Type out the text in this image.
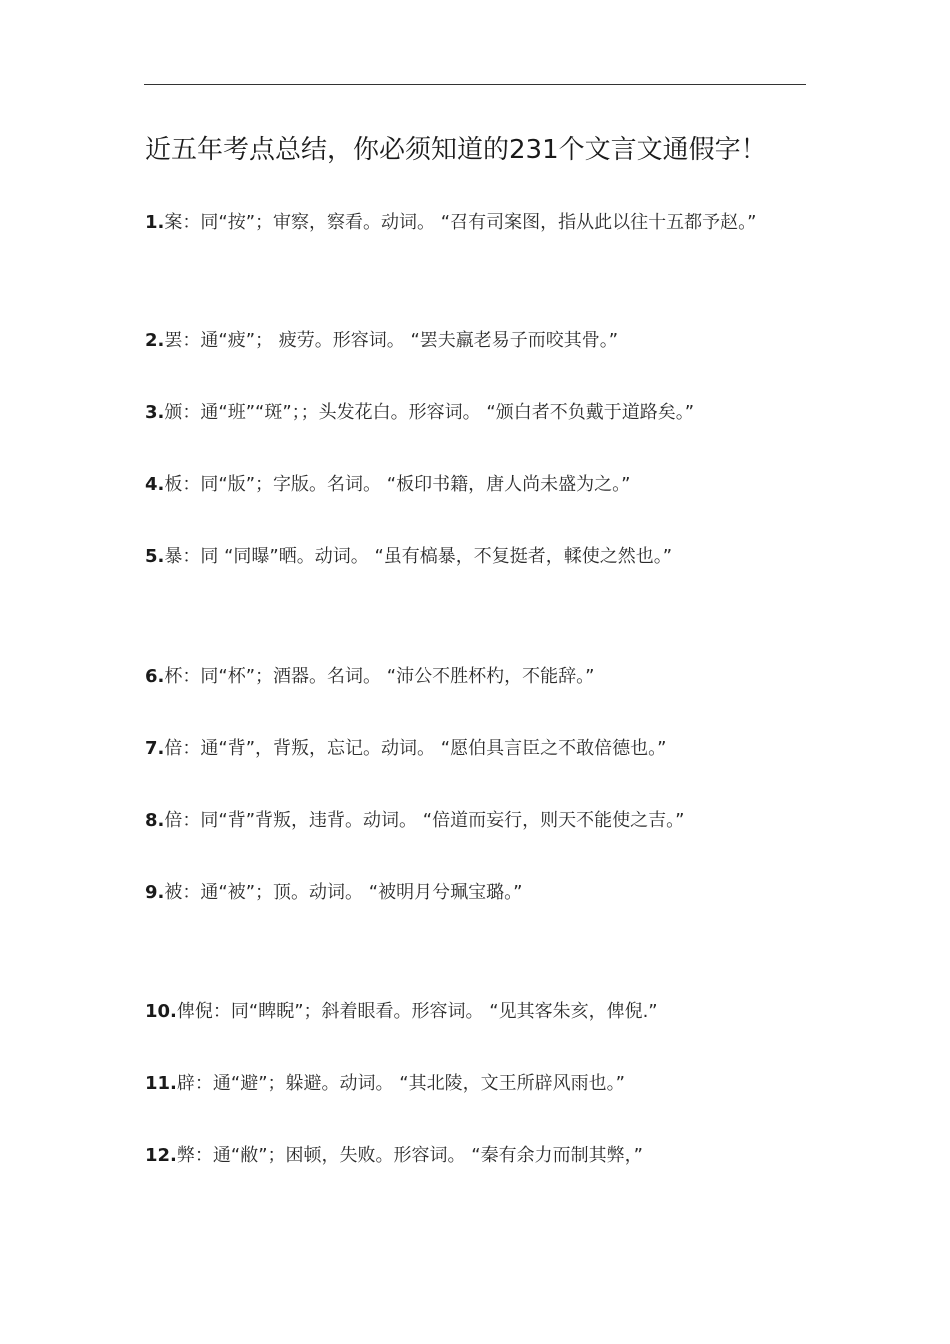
近五年考点总结，你必须知道的231个文言文通假字！
1.案：同“按”；审察，察看。动词。 “召有司案图，指从此以往十五都予赵。”
2.罢：通“疲”； 疲劳。形容词。 “罢夫羸老易子而咬其骨。”
3.颁：通“班”“斑”；；头发花白。形容词。 “颁白者不负戴于道路矣。”
4.板：同“版”；字版。名词。 “板印书籍，唐人尚未盛为之。”
5.暴：同 “同曝”晒。动词。 “虽有槁暴，不复挺者，輮使之然也。”
6.杯：同“杯”；酒器。名词。 “沛公不胜杯杓，不能辞。”
7.倍：通“背”，背叛，忘记。动词。 “愿伯具言臣之不敢倍德也。”
8.倍：同“背”背叛，违背。动词。 “倍道而妄行，则天不能使之吉。”
9.被：通“被”；顶。动词。 “被明月兮珮宝璐。”
10.俾倪：同“睥睨”；斜着眼看。形容词。 “见其客朱亥，俾倪.”
11.辟：通“避”；躲避。动词。 “其北陵，文王所辟风雨也。”
12.弊：通“敝”；困顿，失败。形容词。 “秦有余力而制其弊，”
